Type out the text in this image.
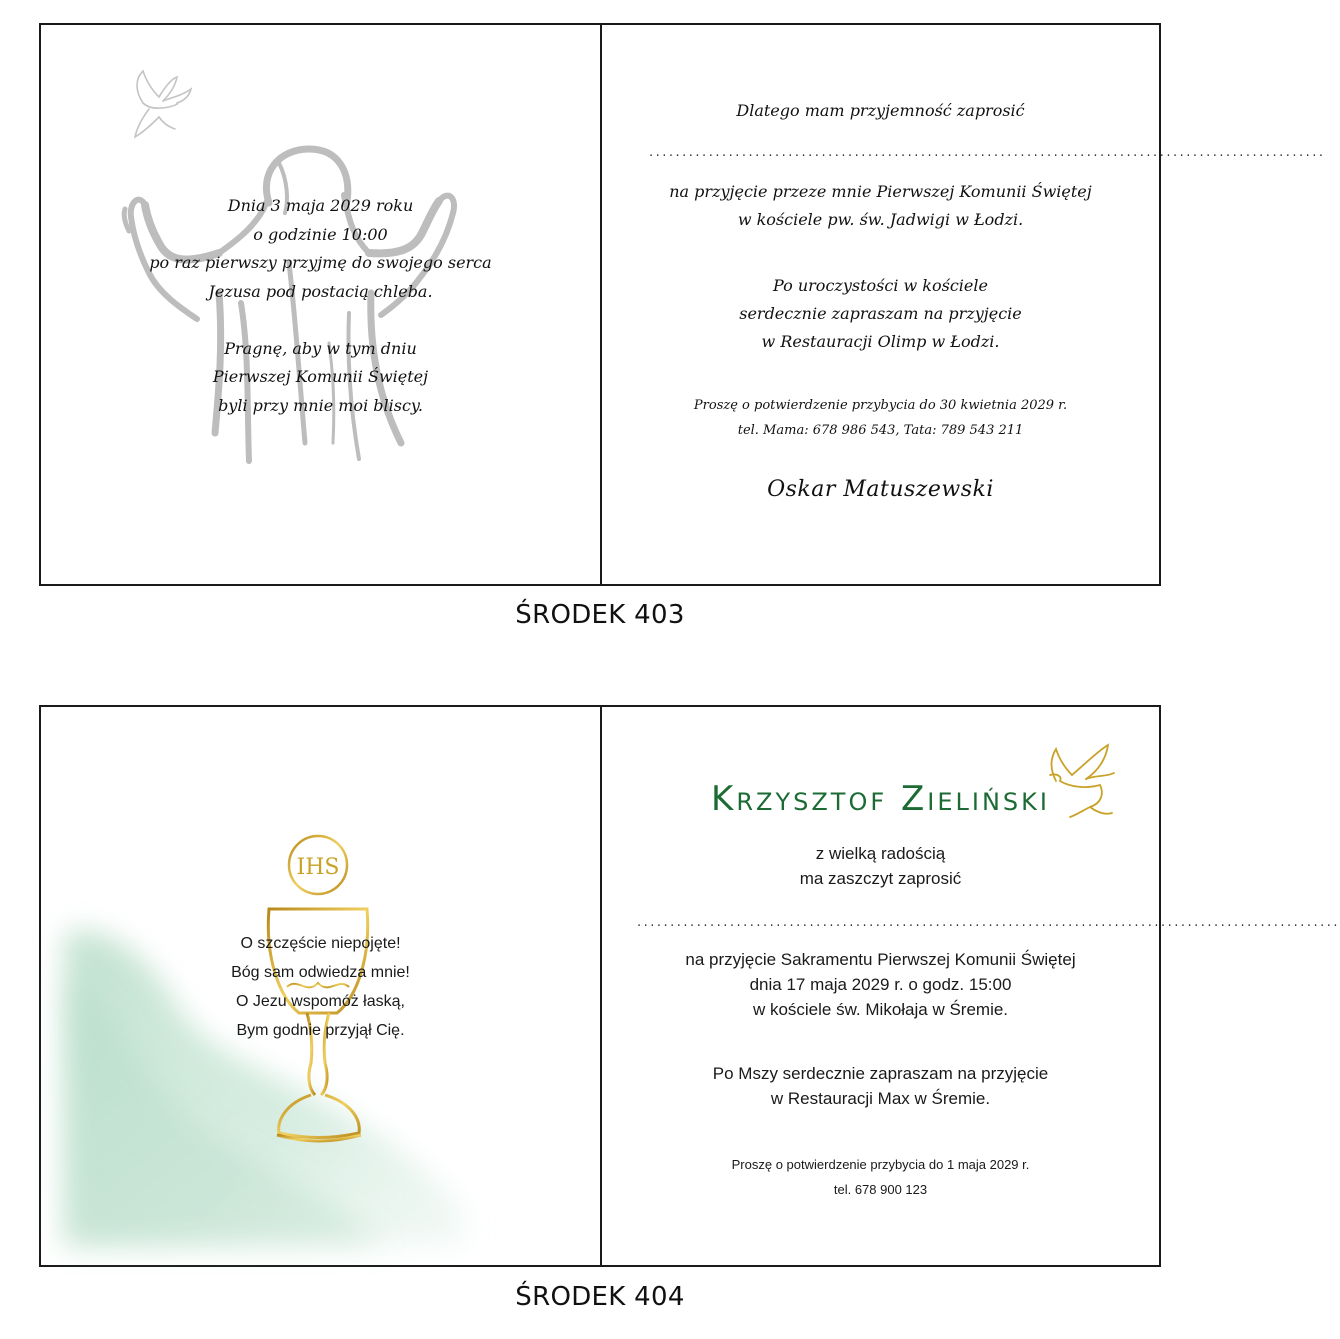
Dnia 3 maja 2029 roku
o godzinie 10:00
po raz pierwszy przyjmę do swojego serca
Jezusa pod postacią chleba.

Pragnę, aby w tym dniu
Pierwszej Komunii Świętej
byli przy mnie moi bliscy.
Dlatego mam przyjemność zaprosić
......................................................................................................
na przyjęcie przeze mnie Pierwszej Komunii Świętej
w kościele pw. św. Jadwigi w Łodzi.
Po uroczystości w kościele
serdecznie zapraszam na przyjęcie
w Restauracji Olimp w Łodzi.
Proszę o potwierdzenie przybycia do 30 kwietnia 2029 r.
tel. Mama: 678 986 543, Tata: 789 543 211
Oskar Matuszewski
ŚRODEK 403
IHS
O szczęście niepojęte!
Bóg sam odwiedza mnie!
O Jezu wspomóż łaską,
Bym godnie przyjął Cię.
Krzysztof Zieliński
z wielką radością
ma zaszczyt zaprosić
..........................................................................................................
na przyjęcie Sakramentu Pierwszej Komunii Świętej
dnia 17 maja 2029 r. o godz. 15:00
w kościele św. Mikołaja w Śremie.
Po Mszy serdecznie zapraszam na przyjęcie
w Restauracji Max w Śremie.
Proszę o potwierdzenie przybycia do 1 maja 2029 r.
tel. 678 900 123
ŚRODEK 404
